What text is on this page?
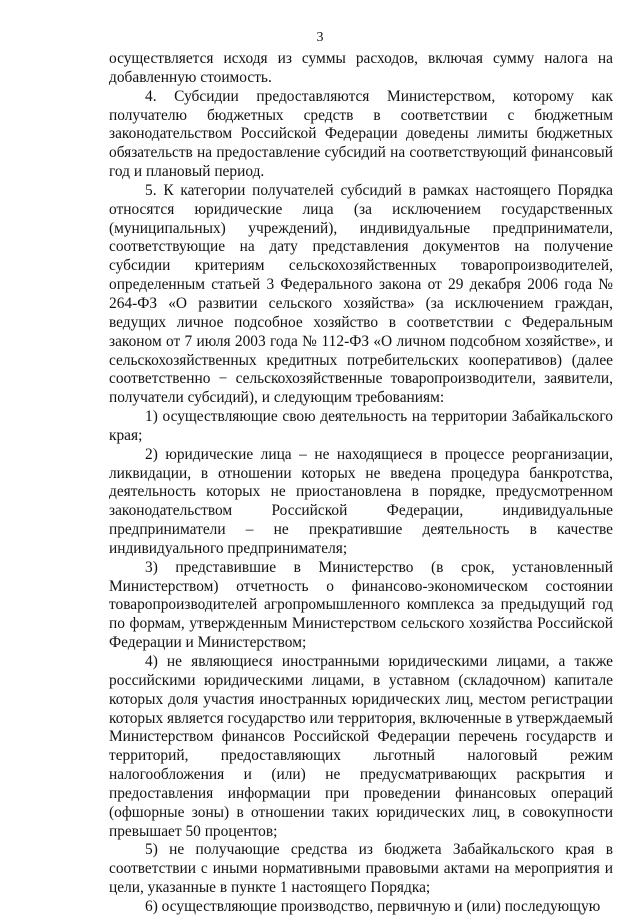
3

осуществляется исходя из суммы расходов, включая сумму налога на добавленную стоимость.

4. Субсидии предоставляются Министерством, которому как получателю бюджетных средств в соответствии с бюджетным законодательством Российской Федерации доведены лимиты бюджетных обязательств на предоставление субсидий на соответствующий финансовый год и плановый период.

5. К категории получателей субсидий в рамках настоящего Порядка относятся юридические лица (за исключением государственных (муниципальных) учреждений), индивидуальные предприниматели, соответствующие на дату представления документов на получение субсидии критериям сельскохозяйственных товаропроизводителей, определенным статьей 3 Федерального закона от 29 декабря 2006 года № 264-ФЗ «О развитии сельского хозяйства» (за исключением граждан, ведущих личное подсобное хозяйство в соответствии с Федеральным законом от 7 июля 2003 года № 112-ФЗ «О личном подсобном хозяйстве», и сельскохозяйственных кредитных потребительских кооперативов) (далее соответственно − сельскохозяйственные товаропроизводители, заявители, получатели субсидий), и следующим требованиям:

1) осуществляющие свою деятельность на территории Забайкальского края;

2) юридические лица – не находящиеся в процессе реорганизации, ликвидации, в отношении которых не введена процедура банкротства, деятельность которых не приостановлена в порядке, предусмотренном законодательством Российской Федерации, индивидуальные предприниматели – не прекратившие деятельность в качестве индивидуального предпринимателя;

3) представившие в Министерство (в срок, установленный Министерством) отчетность о финансово-экономическом состоянии товаропроизводителей агропромышленного комплекса за предыдущий год по формам, утвержденным Министерством сельского хозяйства Российской Федерации и Министерством;

4) не являющиеся иностранными юридическими лицами, а также российскими юридическими лицами, в уставном (складочном) капитале которых доля участия иностранных юридических лиц, местом регистрации которых является государство или территория, включенные в утверждаемый Министерством финансов Российской Федерации перечень государств и территорий, предоставляющих льготный налоговый режим налогообложения и (или) не предусматривающих раскрытия и предоставления информации при проведении финансовых операций (офшорные зоны) в отношении таких юридических лиц, в совокупности превышает 50 процентов;

5) не получающие средства из бюджета Забайкальского края в соответствии с иными нормативными правовыми актами на мероприятия и цели, указанные в пункте 1 настоящего Порядка;

6) осуществляющие производство, первичную и (или) последующую
